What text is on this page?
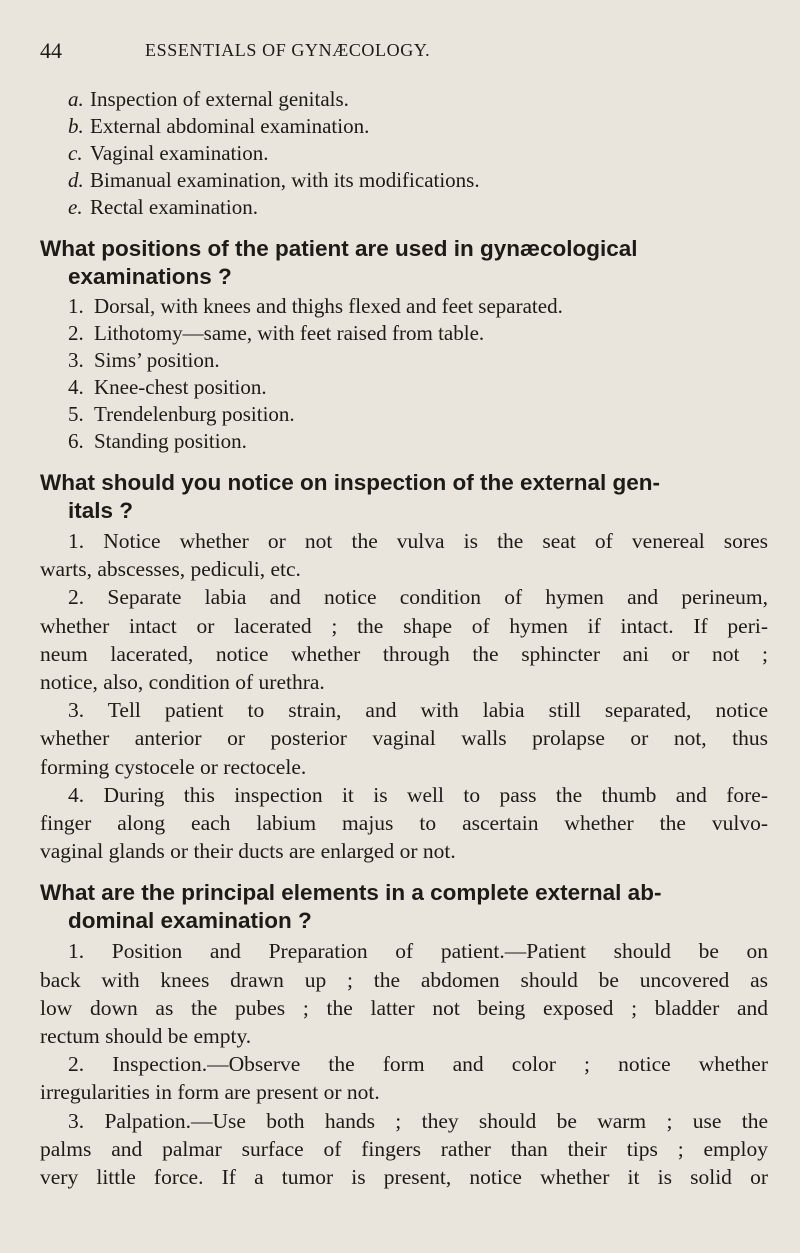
44	ESSENTIALS OF GYNÆCOLOGY.
a. Inspection of external genitals.
b. External abdominal examination.
c. Vaginal examination.
d. Bimanual examination, with its modifications.
e. Rectal examination.
What positions of the patient are used in gynæcological
examinations ?
1. Dorsal, with knees and thighs flexed and feet separated.
2. Lithotomy—same, with feet raised from table.
3. Sims’ position.
4. Knee-chest position.
5. Trendelenburg position.
6. Standing position.
What should you notice on inspection of the external gen-
itals ?

1. Notice whether or not the vulva is the seat of venereal sores
warts, abscesses, pediculi, etc.

2. Separate labia and notice condition of hymen and perineum,
whether intact or lacerated ; the shape of hymen if intact. If peri-
neum lacerated, notice whether through the sphincter ani or not ;
notice, also, condition of urethra.

3. Tell patient to strain, and with labia still separated, notice
whether anterior or posterior vaginal walls prolapse or not, thus
forming cystocele or rectocele.

4. During this inspection it is well to pass the thumb and fore-
finger along each labium majus to ascertain whether the vulvo-
vaginal glands or their ducts are enlarged or not.

What are the principal elements in a complete external ab-
dominal examination ?

1. Position and Preparation of patient.—Patient should be on
back with knees drawn up ; the abdomen should be uncovered as
low down as the pubes ; the latter not being exposed ; bladder and
rectum should be empty.

2. Inspection.—Observe the form and color ; notice whether
irregularities in form are present or not.

3. Palpation.—Use both hands ; they should be warm ; use the
palms and palmar surface of fingers rather than their tips ; employ
very little force. If a tumor is present, notice whether it is solid or
